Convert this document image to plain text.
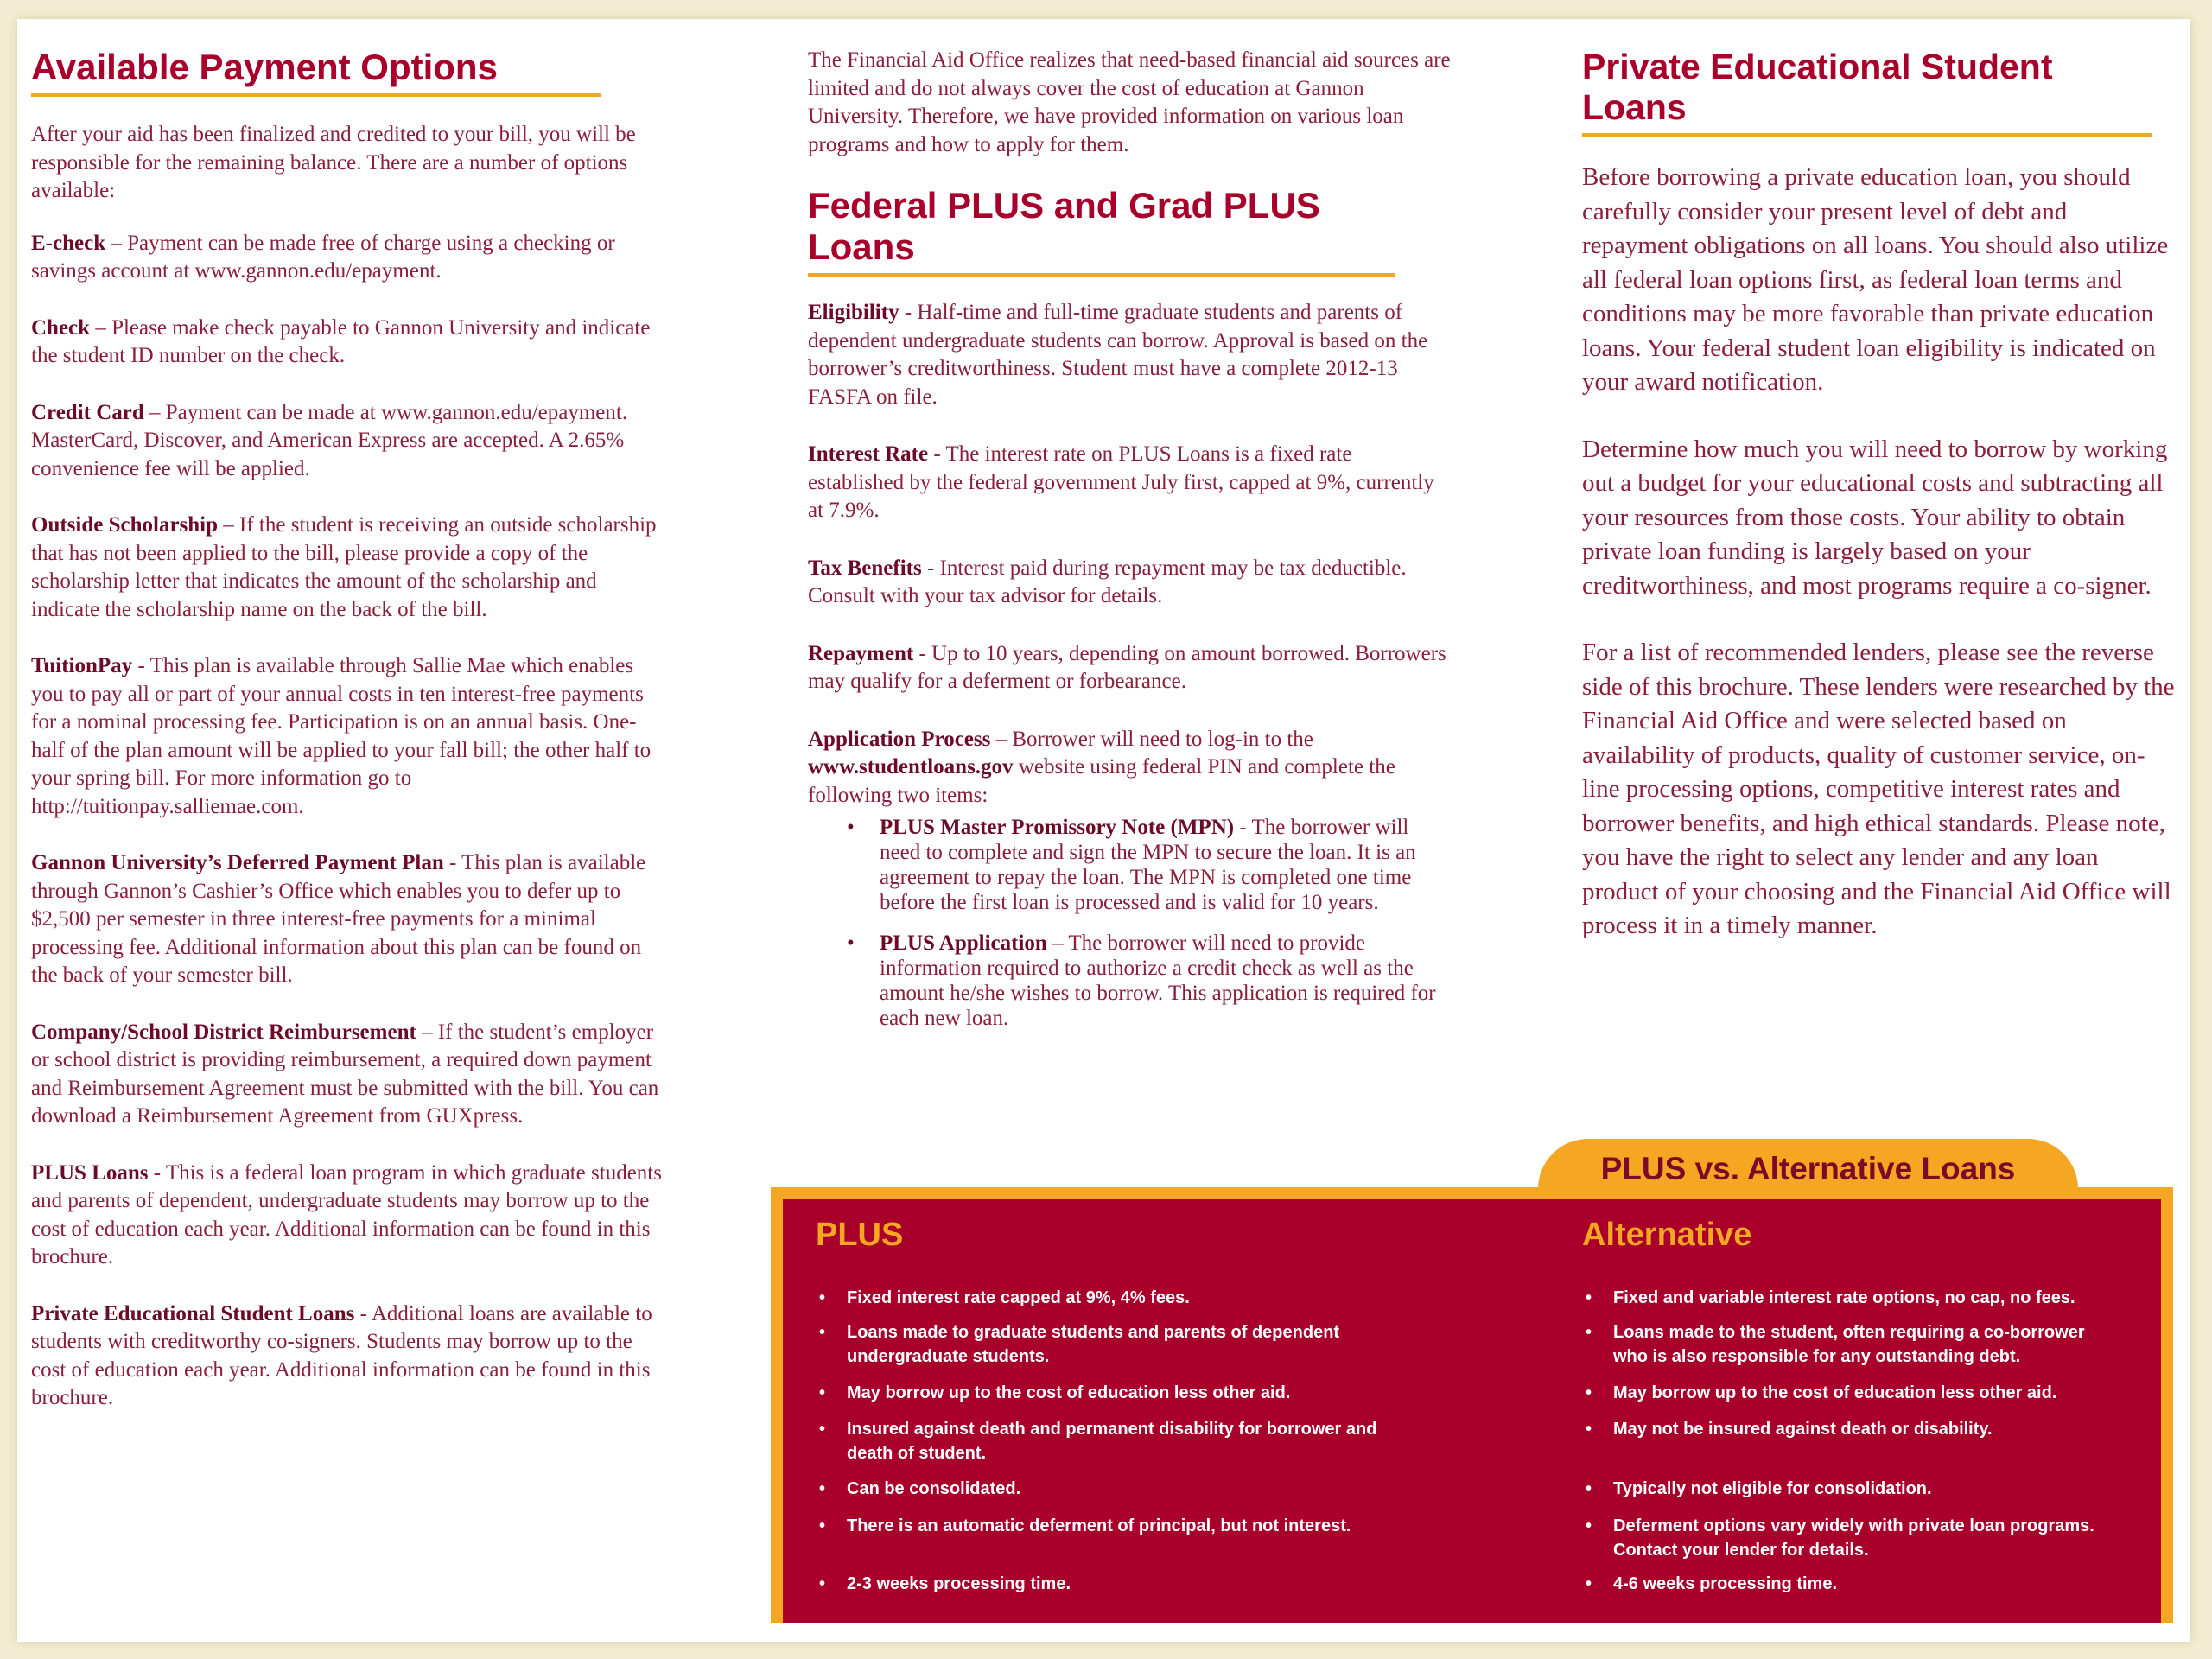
Available Payment Options

After your aid has been finalized and credited to your bill, you will be responsible for the remaining balance. There are a number of options available:

E-check – Payment can be made free of charge using a checking or savings account at www.gannon.edu/epayment.

Check – Please make check payable to Gannon University and indicate the student ID number on the check.

Credit Card – Payment can be made at www.gannon.edu/epayment. MasterCard, Discover, and American Express are accepted. A 2.65% convenience fee will be applied.

Outside Scholarship – If the student is receiving an outside scholarship that has not been applied to the bill, please provide a copy of the scholarship letter that indicates the amount of the scholarship and indicate the scholarship name on the back of the bill.

TuitionPay - This plan is available through Sallie Mae which enables you to pay all or part of your annual costs in ten interest-free payments for a nominal processing fee. Participation is on an annual basis. One-half of the plan amount will be applied to your fall bill; the other half to your spring bill. For more information go to http://tuitionpay.salliemae.com.

Gannon University’s Deferred Payment Plan - This plan is available through Gannon’s Cashier’s Office which enables you to defer up to $2,500 per semester in three interest-free payments for a minimal processing fee. Additional information about this plan can be found on the back of your semester bill.

Company/School District Reimbursement – If the student’s employer or school district is providing reimbursement, a required down payment and Reimbursement Agreement must be submitted with the bill. You can download a Reimbursement Agreement from GUXpress.

PLUS Loans - This is a federal loan program in which graduate students and parents of dependent, undergraduate students may borrow up to the cost of education each year. Additional information can be found in this brochure.

Private Educational Student Loans - Additional loans are available to students with creditworthy co-signers. Students may borrow up to the cost of education each year. Additional information can be found in this brochure.

The Financial Aid Office realizes that need-based financial aid sources are limited and do not always cover the cost of education at Gannon University. Therefore, we have provided information on various loan programs and how to apply for them.

Federal PLUS and Grad PLUS Loans

Eligibility - Half-time and full-time graduate students and parents of dependent undergraduate students can borrow. Approval is based on the borrower’s creditworthiness. Student must have a complete 2012-13 FASFA on file.

Interest Rate - The interest rate on PLUS Loans is a fixed rate established by the federal government July first, capped at 9%, currently at 7.9%.

Tax Benefits - Interest paid during repayment may be tax deductible. Consult with your tax advisor for details.

Repayment - Up to 10 years, depending on amount borrowed. Borrowers may qualify for a deferment or forbearance.

Application Process – Borrower will need to log-in to the www.studentloans.gov website using federal PIN and complete the following two items:

• PLUS Master Promissory Note (MPN) - The borrower will need to complete and sign the MPN to secure the loan. It is an agreement to repay the loan. The MPN is completed one time before the first loan is processed and is valid for 10 years.
• PLUS Application – The borrower will need to provide information required to authorize a credit check as well as the amount he/she wishes to borrow. This application is required for each new loan.
Private Educational Student Loans

Before borrowing a private education loan, you should carefully consider your present level of debt and repayment obligations on all loans. You should also utilize all federal loan options first, as federal loan terms and conditions may be more favorable than private education loans. Your federal student loan eligibility is indicated on your award notification.

Determine how much you will need to borrow by working out a budget for your educational costs and subtracting all your resources from those costs. Your ability to obtain private loan funding is largely based on your creditworthiness, and most programs require a co-signer.

For a list of recommended lenders, please see the reverse side of this brochure. These lenders were researched by the Financial Aid Office and were selected based on availability of products, quality of customer service, on-line processing options, competitive interest rates and borrower benefits, and high ethical standards. Please note, you have the right to select any lender and any loan product of your choosing and the Financial Aid Office will process it in a timely manner.

PLUS vs. Alternative Loans
PLUS
• Fixed interest rate capped at 9%, 4% fees.
• Loans made to graduate students and parents of dependent undergraduate students.
• May borrow up to the cost of education less other aid.
• Insured against death and permanent disability for borrower and death of student.
• Can be consolidated.
• There is an automatic deferment of principal, but not interest.
• 2-3 weeks processing time.
Alternative
• Fixed and variable interest rate options, no cap, no fees.
• Loans made to the student, often requiring a co-borrower who is also responsible for any outstanding debt.
• May borrow up to the cost of education less other aid.
• May not be insured against death or disability.
• Typically not eligible for consolidation.
• Deferment options vary widely with private loan programs. Contact your lender for details.
• 4-6 weeks processing time.
